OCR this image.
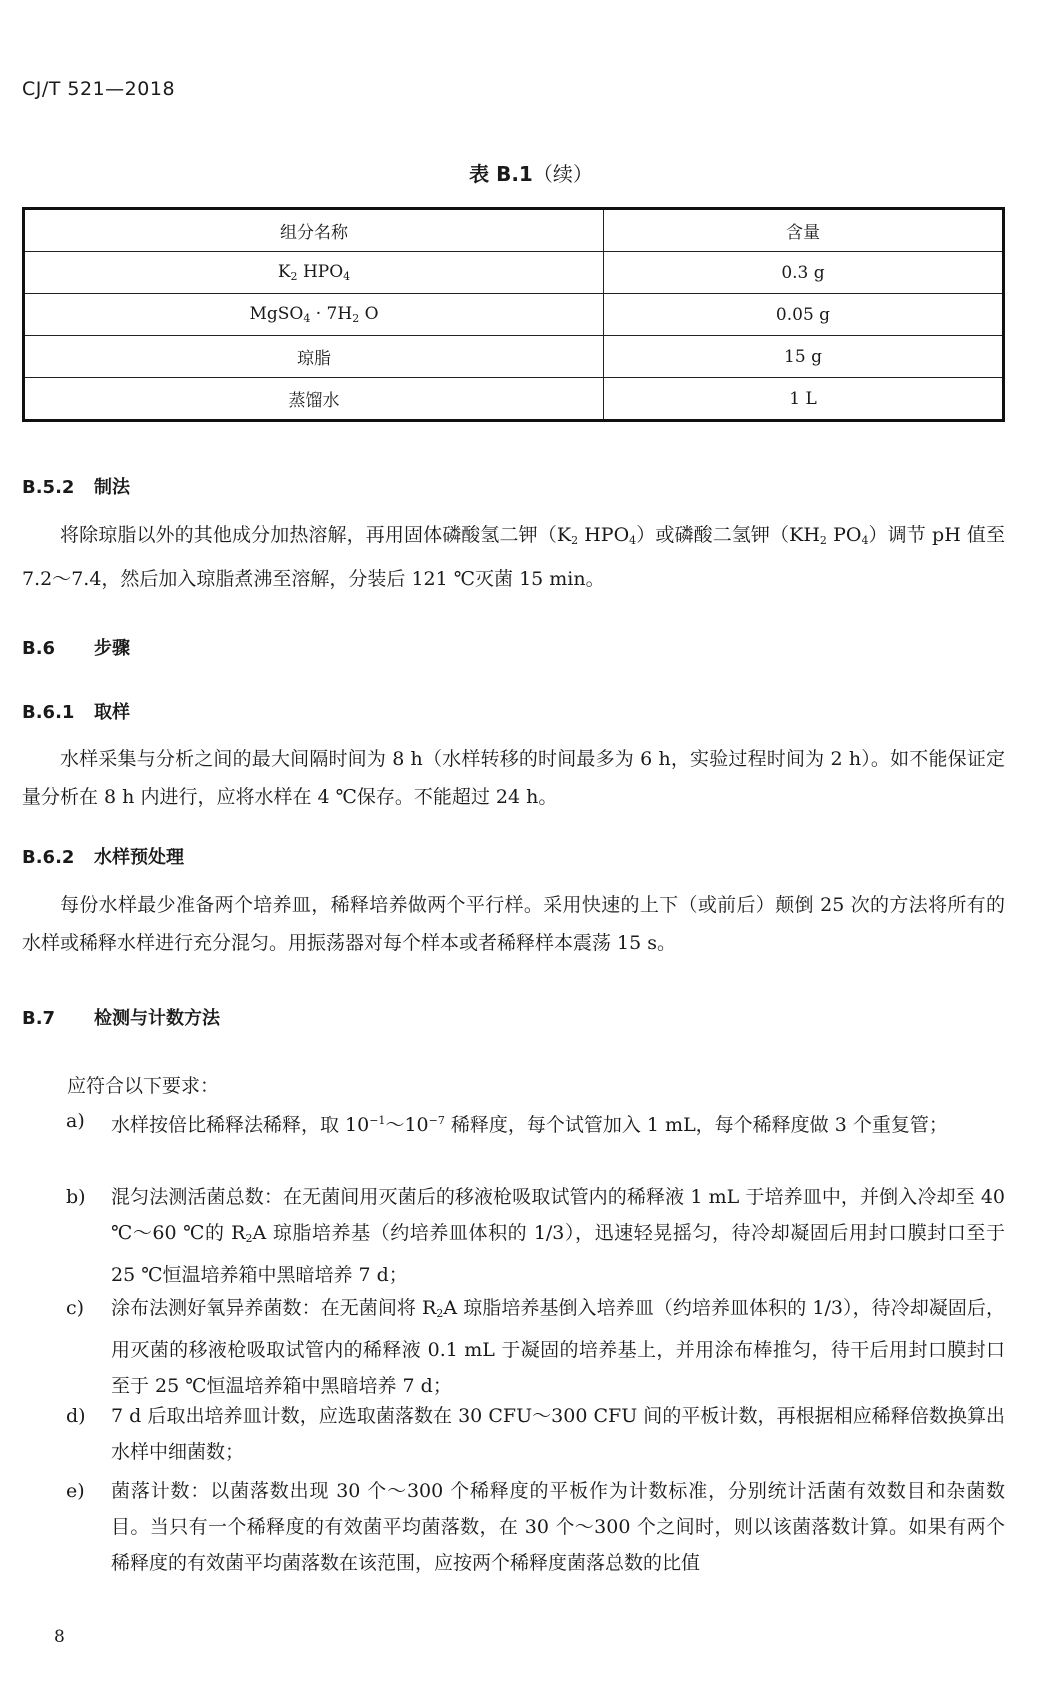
CJ/T 521—2018
表 B.1（续）
组分名称	含量
$K_2$ $HPO_4$	0.3 g
MgSO$_4$ · $7H_2$ O	0.05 g
琼脂	15 g
蒸馏水	1 L
B.5.2 制法

将除琼脂以外的其他成分加热溶解，再用固体磷酸氢二钾（$K_2$ $HPO_4$）或磷酸二氢钾（$KH_2$ $PO_4$）调节 pH 值至 7.2～7.4，然后加入琼脂煮沸至溶解，分装后 121 ℃灭菌 15 min。

B.6 步骤
B.6.1 取样

水样采集与分析之间的最大间隔时间为 8 h（水样转移的时间最多为 6 h，实验过程时间为 2 h）。如不能保证定量分析在 8 h 内进行，应将水样在 4 ℃保存。不能超过 24 h。

B.6.2 水样预处理

每份水样最少准备两个培养皿，稀释培养做两个平行样。采用快速的上下（或前后）颠倒 25 次的方法将所有的水样或稀释水样进行充分混匀。用振荡器对每个样本或者稀释样本震荡 15 s。

B.7 检测与计数方法
应符合以下要求：
a) 水样按倍比稀释法稀释，取 $10^{-1}\sim 10^{-7}$ 稀释度，每个试管加入 1 mL，每个稀释度做 3 个重复管；
b) 混匀法测活菌总数：在无菌间用灭菌后的移液枪吸取试管内的稀释液 1 mL 于培养皿中，并倒入冷却至 40 ℃～60 ℃的 $R_2A$ 琼脂培养基（约培养皿体积的 1/3），迅速轻晃摇匀，待冷却凝固后用封口膜封口至于 25 ℃恒温培养箱中黑暗培养 7 d；
c) 涂布法测好氧异养菌数：在无菌间将 $R_2A$ 琼脂培养基倒入培养皿（约培养皿体积的 1/3），待冷却凝固后，用灭菌的移液枪吸取试管内的稀释液 0.1 mL 于凝固的培养基上，并用涂布棒推匀，待干后用封口膜封口至于 25 ℃恒温培养箱中黑暗培养 7 d；
d) 7 d 后取出培养皿计数，应选取菌落数在 30 CFU～300 CFU 间的平板计数，再根据相应稀释倍数换算出水样中细菌数；
e) 菌落计数：以菌落数出现 30 个～300 个稀释度的平板作为计数标准，分别统计活菌有效数目和杂菌数目。当只有一个稀释度的有效菌平均菌落数，在 30 个～300 个之间时，则以该菌落数计算。如果有两个稀释度的有效菌平均菌落数在该范围，应按两个稀释度菌落总数的比值
8
